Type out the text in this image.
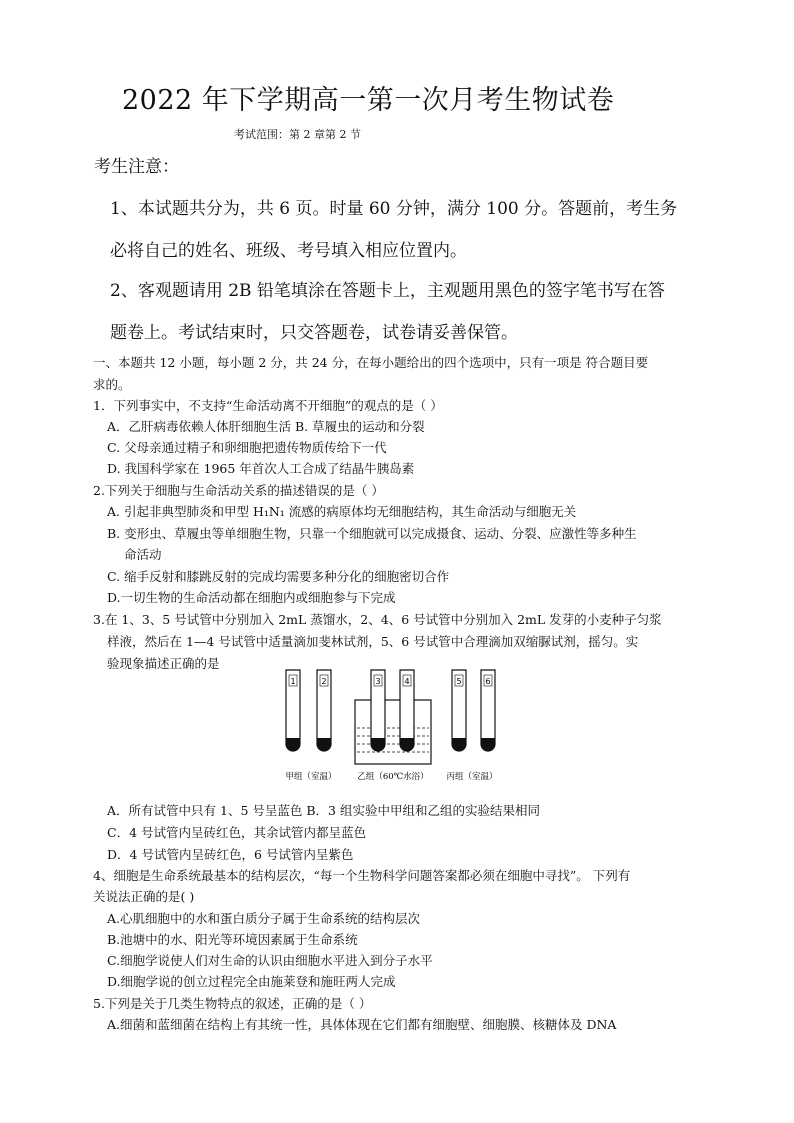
2022 年下学期高一第一次月考生物试卷
考试范围：第 2 章第 2 节
考生注意：
1、本试题共分为，共 6 页。时量 60 分钟，满分 100 分。答题前，考生务
必将自己的姓名、班级、考号填入相应位置内。
2、客观题请用 2B 铅笔填涂在答题卡上，主观题用黑色的签字笔书写在答
题卷上。考试结束时，只交答题卷，试卷请妥善保管。
一、本题共 12 小题，每小题 2 分，共 24 分，在每小题给出的四个选项中，只有一项是 符合题目要
求的。
1．下列事实中，不支持“生命活动离不开细胞”的观点的是（ ）
A．乙肝病毒依赖人体肝细胞生活 B. 草履虫的运动和分裂
C. 父母亲通过精子和卵细胞把遗传物质传给下一代
D. 我国科学家在 1965 年首次人工合成了结晶牛胰岛素
2.下列关于细胞与生命活动关系的描述错误的是（ ）
A. 引起非典型肺炎和甲型 H₁N₁ 流感的病原体均无细胞结构，其生命活动与细胞无关
B. 变形虫、草履虫等单细胞生物，只靠一个细胞就可以完成摄食、运动、分裂、应激性等多种生
命活动
C. 缩手反射和膝跳反射的完成均需要多种分化的细胞密切合作
D.一切生物的生命活动都在细胞内或细胞参与下完成
3.在 1、3、5 号试管中分别加入 2mL 蒸馏水，2、4、6 号试管中分别加入 2mL 发芽的小麦种子匀浆
样液，然后在 1—4 号试管中适量滴加斐林试剂，5、6 号试管中合理滴加双缩脲试剂，摇匀。实
验现象描述正确的是
1	2	3	4	5	6
甲组（室温） 乙组（60℃水浴） 丙组（室温）
A．所有试管中只有 1、5 号呈蓝色 B．3 组实验中甲组和乙组的实验结果相同
C．4 号试管内呈砖红色，其余试管内都呈蓝色
D．4 号试管内呈砖红色，6 号试管内呈紫色
4、细胞是生命系统最基本的结构层次，“每一个生物科学问题答案都必须在细胞中寻找”。 下列有
关说法正确的是( )
A.心肌细胞中的水和蛋白质分子属于生命系统的结构层次
B.池塘中的水、阳光等环境因素属于生命系统
C.细胞学说使人们对生命的认识由细胞水平进入到分子水平
D.细胞学说的创立过程完全由施莱登和施旺两人完成
5.下列是关于几类生物特点的叙述，正确的是（ ）
A.细菌和蓝细菌在结构上有其统一性，具体体现在它们都有细胞壁、细胞膜、核糖体及 DNA
